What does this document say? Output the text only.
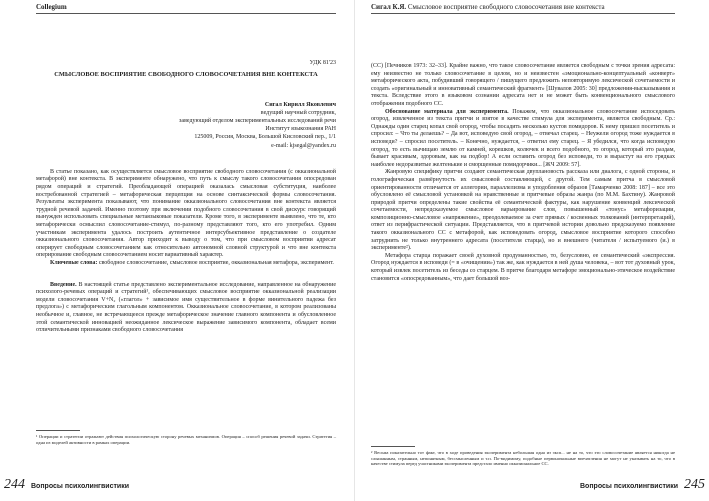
Collegium
УДК 81'23
СМЫСЛОВОЕ ВОСПРИЯТИЕ СВОБОДНОГО СЛОВОСОЧЕТАНИЯ ВНЕ КОНТЕКСТА
Сигал Кирилл Яковлевич
ведущий научный сотрудник,
заведующий отделом экспериментальных исследований речи
Институт языкознания РАН
125009, Россия, Москва, Большой Кисловский пер., 1/1
e-mail: kjsegal@yandex.ru

В статье показано, как осуществляется смысловое восприятие свободного словосочетания (с окказиональной метафорой) вне контекста. В эксперименте обнаружено, что путь к смыслу такого словосочетания опосредован рядом операций и стратегий. Преобладающей операцией оказалась смысловая субституция, наиболее востребованной стратегией – метафорическая перцепция на основе синтаксической формы словосочетания. Результаты эксперимента показывают, что понимание окказионального словосочетания вне контекста является трудной речевой задачей. Именно поэтому при включении подобного словосочетания в свой дискурс говорящий вынужден использовать специальные метаязыковые показатели. Кроме того, в эксперименте выявлено, что те, кто метафорически осмыслил словосочетание-стимул, по-разному представляют того, кто его употребил. Одним участникам эксперимента удалось построить аутентичное интерсубъективное представление о создателе окказионального словосочетания. Автор приходит к выводу о том, что при смысловом восприятии адресат оперирует свободным словосочетанием как относительно автономной словной структурой и что вне контекста оперирование свободным словосочетанием носит вариативный характер.

Ключевые слова: свободное словосочетание, смысловое восприятие, окказиональная метафора, эксперимент.

Введение. В настоящей статье представлено экспериментальное исследование, направленное на обнаружение психолого-речевых операций и стратегий¹, обеспечивающих смысловое восприятие окказиональной реализации модели словосочетания V+N₂ («глагол» + зависимое имя существительное в форме винительного падежа без предлога») с метафорическим глагольным компонентом. Окказиональное словосочетание, в котором реализованы необычное и, главное, не встречающееся прежде метафорическое значение главного компонента и обусловленное этой семантической инновацией неожиданное лексическое выражение зависимого компонента, обладает всеми отличительными признаками свободного словосочетания

¹ Операции и стратегии отражают действия психологическую сторону речевых механизмов. Операция – способ решения речевой задачи. Стратегия – одна из моделей активности в рамках операции.
244 Вопросы психолингвистики
Сигал К.Я. Смысловое восприятие свободного словосочетания вне контекста

(СС) [Печников 1973: 32–33]. Крайне важно, что такое словосочетание является свободным с точки зрения адресата: ему неизвестно не только словосочетание в целом, но и неизвестен «эмоционально-концептуальный «конверт» метафорического акта, побудивший говорящего / пишущего предложить неповторимую лексической сочетаемости и создать «оригинальный и инновативный семантический фрагмент» [Шувалов 2005: 30] предложения-высказывания и текста. Вследствие этого в языковом сознании адресата нет и не может быть конвенционального смыслового отображения подобного СС.

Обоснование материала для эксперимента. Покажем, что окказиональное словосочетание испоседовать огород, извлеченное из текста притчи и взятое в качестве стимула для эксперимента, является свободным. Ср.: Однажды один старец копал свой огород, чтобы посадить несколько кустов помидоров. К нему пришел посетитель и спросил: – Что ты делаешь? – Да вот, исповедую свой огород, – отвечал старец. – Неужели огород тоже нуждается в исповеди? – спросил посетитель. – Конечно, нуждается, – ответил ему старец. – Я убедился, что когда исповедую огород, то есть вычищаю землю от камней, корешков, колючек и всего подобного, то огород, который это раздам, бывает красивым, здоровым, как на подбор! А если оставить огород без исповеди, то и вырастут на его грядках наиболее недоразвитые желтенькие и сморщенные помидорчики... [ЖЧ 2009: 57].

Жанровую специфику притчи создают семантическая двуплановость рассказа или диалога, с одной стороны, и голографическая развёрнутость их смысловой составляющей, с другой. Тем самым притча в смысловой ориентированности отличается от аллегории, параллелизма и уподобления образов [Тамарченко 2008: 187] – все это обусловлено её смысловой установкой на нравственные и притчевые образы жанра (по М.М. Бахтину). Жанровой природой притчи определены такие свойства её семантической фактуры, как нарушение конвенций лексической сочетаемости, непредсказуемое смысловое варьирование слов, повышенный «тонус» метафоризации, композиционно-смысловое «напряжение», преодолеваемое за счет прямых / косвенных толкований (интерпретаций), ответ из перифрастической ситуации. Представляется, что в притчевой истории довольно предсказуемо появление такого окказионального СС с метафорой, как исповедовать огород, смысловое восприятие которого способно затруднить не только внутреннего адресата (посетителя старца), но и внешнего (читателя / испытуемого (и.) в эксперименте²).

Метафора старца поражает своей духовной продуманностью, то, безусловно, ее семантический «экспрессия. Огород нуждается в исповеди (= в «очищении») так же, как нуждается в ней душа человека, – вот тот духовный урок, который извлек посетитель из беседы со старцем. В притче благодаря метафоре эмоциональнo-этическое воздействие становится «опосредованным», что дает большой воз-

² Весьма показательно тот факт, что в ходе проведения эксперимента небольшая одна из эксп... не на то, что это словосочетание является никогда не слышанным, странным, непонятным, бессмысленным и т.п. По-видимому, подобные первоначальные впечатления не могут не указывать на то, что в качестве стимула перед участниками эксперимента предстало именно окказиональное СС.
Вопросы психолингвистики 245
